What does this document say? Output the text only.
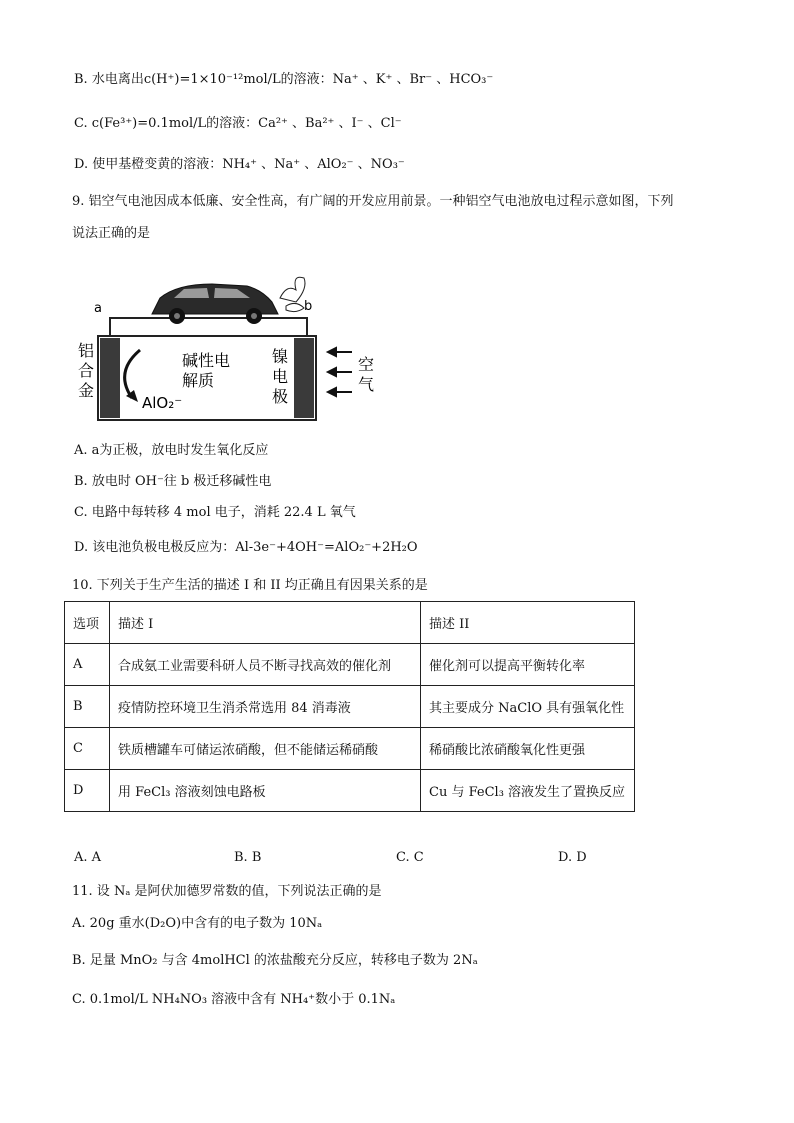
B. 水电离出c(H⁺)=1×10⁻¹²mol/L的溶液：Na⁺ 、K⁺ 、Br⁻ 、HCO₃⁻
C. c(Fe³⁺)=0.1mol/L的溶液：Ca²⁺ 、Ba²⁺ 、I⁻ 、Cl⁻
D. 使甲基橙变黄的溶液：NH₄⁺ 、Na⁺ 、AlO₂⁻ 、NO₃⁻
9. 铝空气电池因成本低廉、安全性高，有广阔的开发应用前景。一种铝空气电池放电过程示意如图，下列
说法正确的是
a	b
铝
合
金
碱性电
解质
AlO₂⁻
镍
电
极
空
气
A. a为正极，放电时发生氧化反应
B. 放电时 OH⁻往 b 极迁移碱性电
C. 电路中每转移 4 mol 电子，消耗 22.4 L 氧气
D. 该电池负极电极反应为：Al-3e⁻+4OH⁻=AlO₂⁻+2H₂O
10. 下列关于生产生活的描述 I 和 II 均正确且有因果关系的是
选项	描述 I	描述 II
A	合成氨工业需要科研人员不断寻找高效的催化剂	催化剂可以提高平衡转化率
B	疫情防控环境卫生消杀常选用 84 消毒液	其主要成分 NaClO 具有强氧化性
C	铁质槽罐车可储运浓硝酸，但不能储运稀硝酸	稀硝酸比浓硝酸氧化性更强
D	用 FeCl₃ 溶液刻蚀电路板	Cu 与 FeCl₃ 溶液发生了置换反应
A. A	B. B	C. C	D. D
11. 设 Nₐ 是阿伏加德罗常数的值，下列说法正确的是
A. 20g 重水(D₂O)中含有的电子数为 10Nₐ
B. 足量 MnO₂ 与含 4molHCl 的浓盐酸充分反应，转移电子数为 2Nₐ
C. 0.1mol/L NH₄NO₃ 溶液中含有 NH₄⁺数小于 0.1Nₐ
